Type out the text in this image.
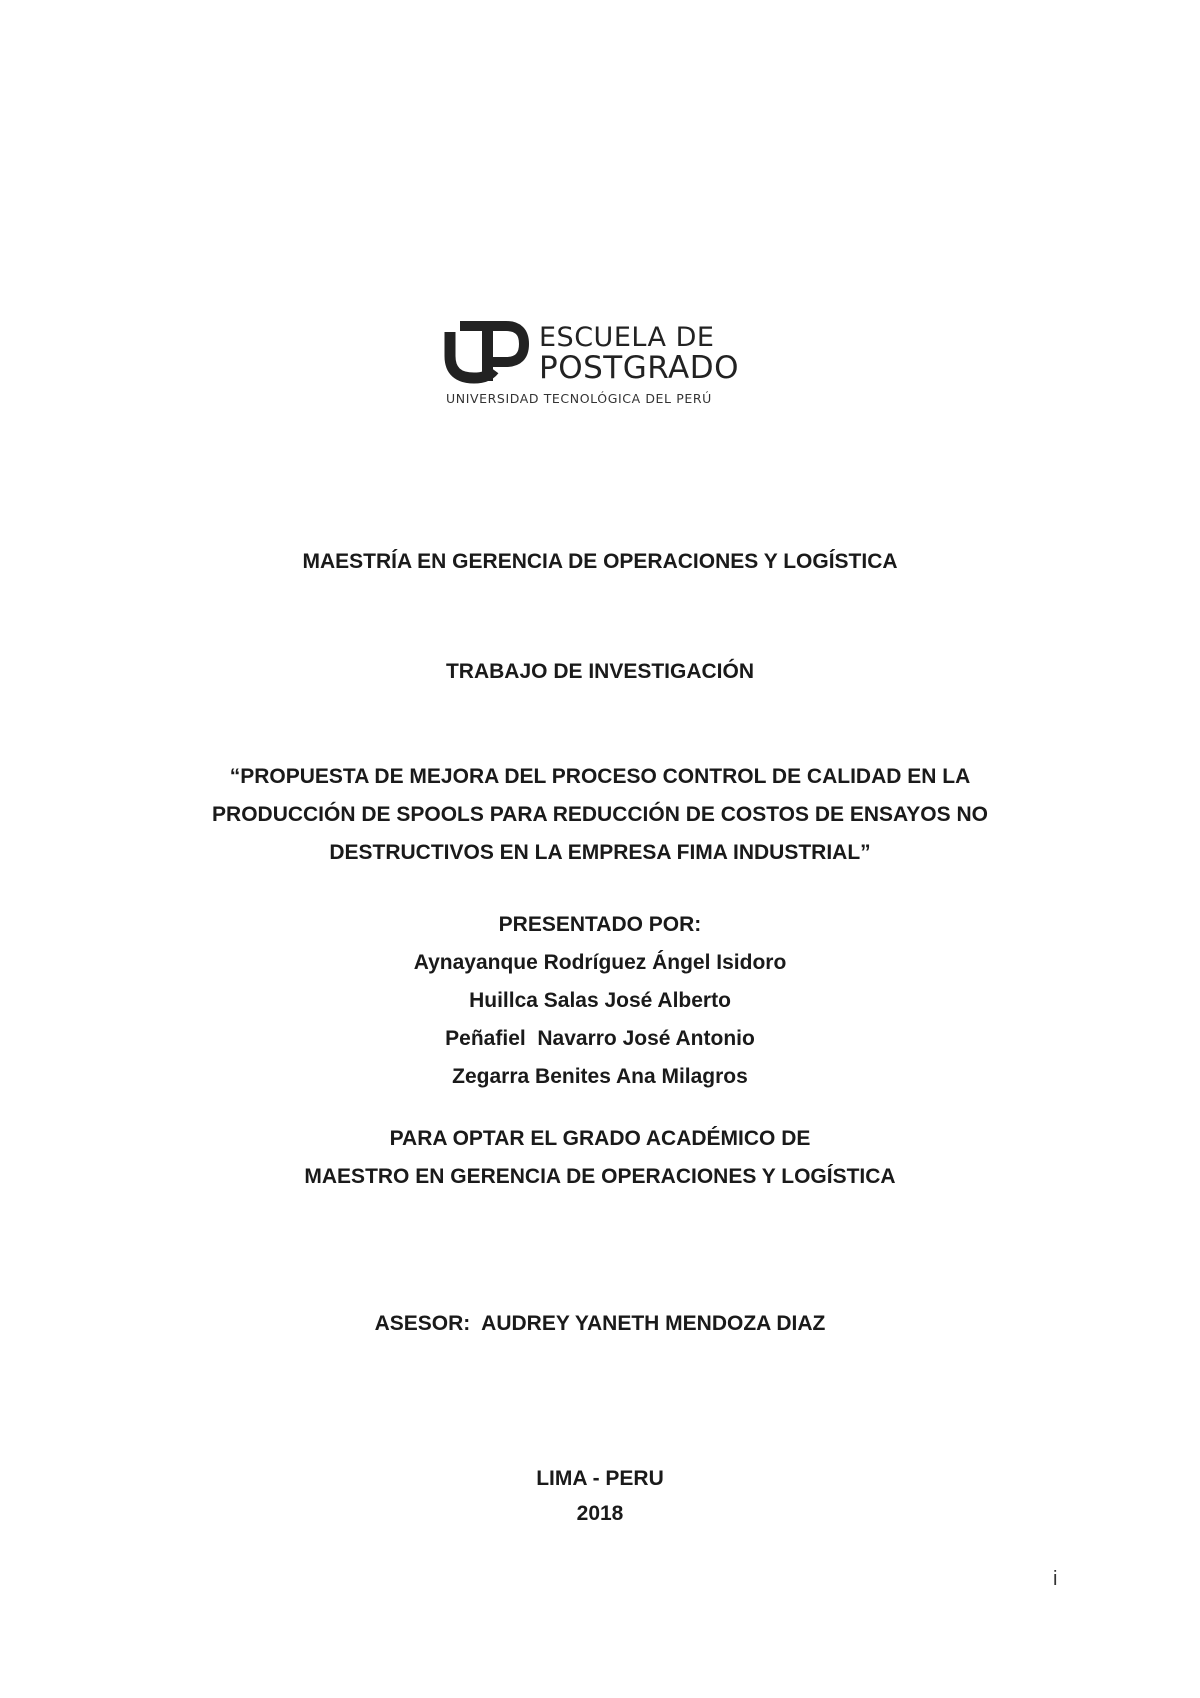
ESCUELA DE
POSTGRADO
UNIVERSIDAD TECNOLÓGICA DEL PERÚ
MAESTRÍA EN GERENCIA DE OPERACIONES Y LOGÍSTICA
TRABAJO DE INVESTIGACIÓN
“PROPUESTA DE MEJORA DEL PROCESO CONTROL DE CALIDAD EN LA
PRODUCCIÓN DE SPOOLS PARA REDUCCIÓN DE COSTOS DE ENSAYOS NO
DESTRUCTIVOS EN LA EMPRESA FIMA INDUSTRIAL”
PRESENTADO POR:
Aynayanque Rodríguez Ángel Isidoro
Huillca Salas José Alberto
Peñafiel  Navarro José Antonio
Zegarra Benites Ana Milagros
PARA OPTAR EL GRADO ACADÉMICO DE
MAESTRO EN GERENCIA DE OPERACIONES Y LOGÍSTICA
ASESOR:  AUDREY YANETH MENDOZA DIAZ
LIMA - PERU
2018
i
